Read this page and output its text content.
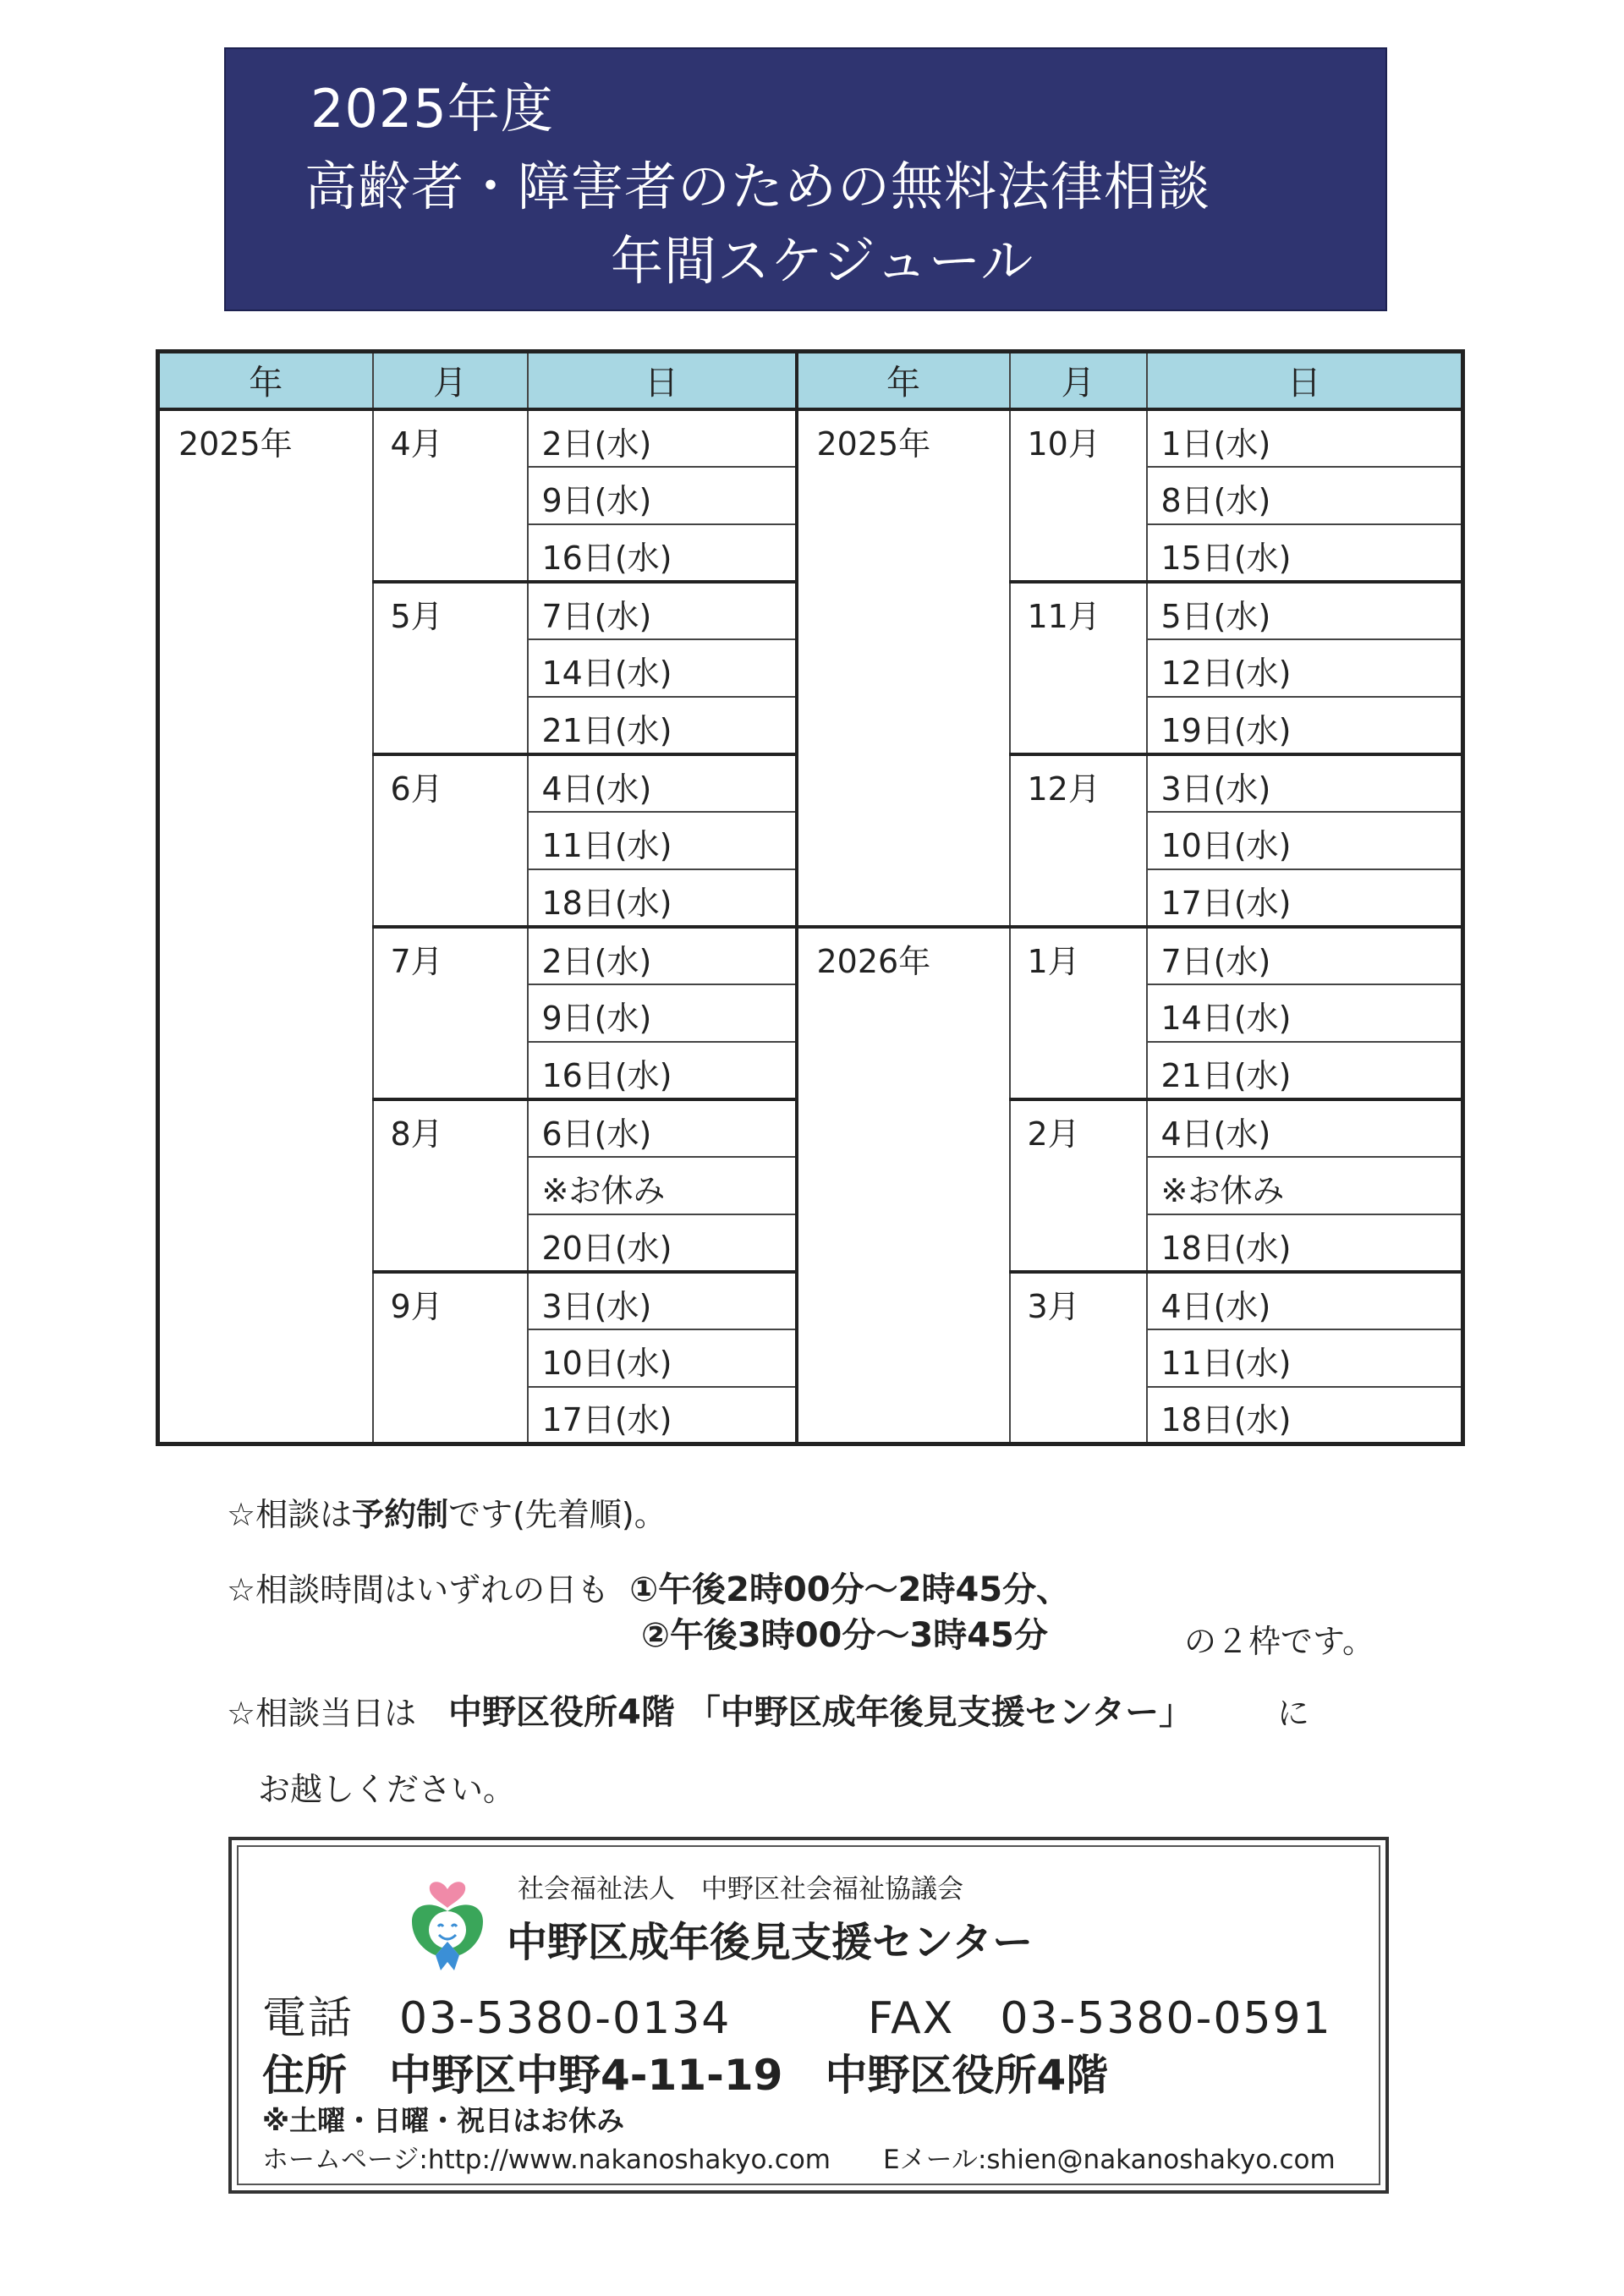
2025年度
高齢者・障害者のための無料法律相談
年間スケジュール
年	月	日	年	月	日
2025年	4月	2日(水)	2025年	10月	1日(水)
		9日(水)			8日(水)
		16日(水)			15日(水)
	5月	7日(水)		11月	5日(水)
		14日(水)			12日(水)
		21日(水)			19日(水)
	6月	4日(水)		12月	3日(水)
		11日(水)			10日(水)
		18日(水)			17日(水)
	7月	2日(水)	2026年	1月	7日(水)
		9日(水)			14日(水)
		16日(水)			21日(水)
	8月	6日(水)		2月	4日(水)
		※お休み			※お休み
		20日(水)			18日(水)
	9月	3日(水)		3月	4日(水)
		10日(水)			11日(水)
		17日(水)			18日(水)
☆相談は予約制です(先着順)。
☆相談時間はいずれの日も ①午後2時00分～2時45分、
②午後3時00分～3時45分	の２枠です。
☆相談当日は 中野区役所4階 「中野区成年後見支援センター」	に
お越しください。
社会福祉法人　中野区社会福祉協議会
中野区成年後見支援センター
電話　03-5380-0134	FAX　03-5380-0591
住所　中野区中野4-11-19　中野区役所4階
※土曜・日曜・祝日はお休み
ホームページ:http://www.nakanoshakyo.com Eメール:shien@nakanoshakyo.com
